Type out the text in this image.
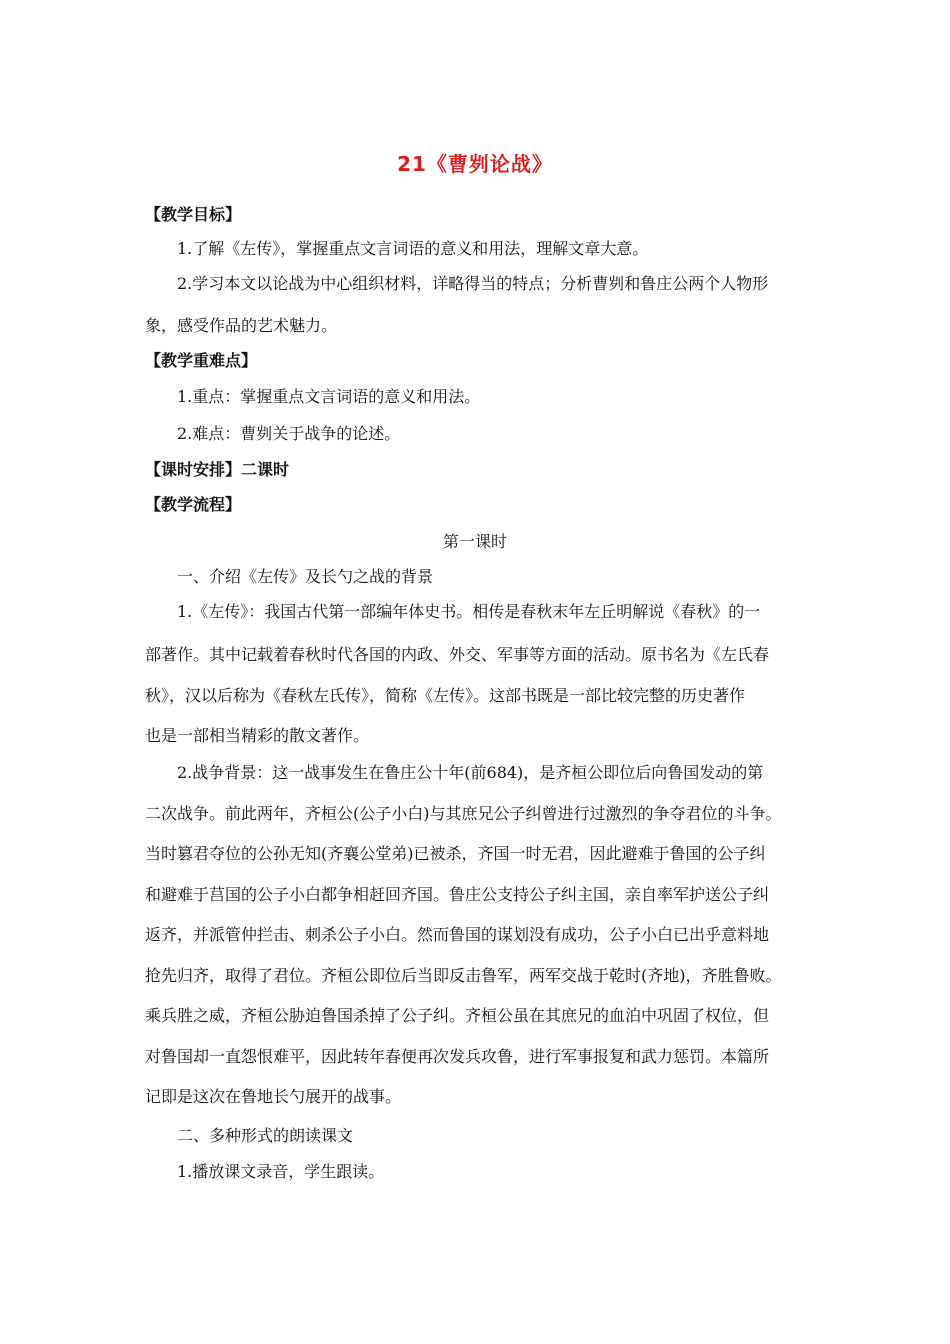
21《曹刿论战》
【教学目标】
1.了解《左传》，掌握重点文言词语的意义和用法，理解文章大意。
2.学习本文以论战为中心组织材料，详略得当的特点；分析曹刿和鲁庄公两个人物形
象，感受作品的艺术魅力。
【教学重难点】
1.重点：掌握重点文言词语的意义和用法。
2.难点：曹刿关于战争的论述。
【课时安排】二课时
【教学流程】
第一课时
一、介绍《左传》及长勺之战的背景
1.《左传》：我国古代第一部编年体史书。相传是春秋末年左丘明解说《春秋》的一
部著作。其中记载着春秋时代各国的内政、外交、军事等方面的活动。原书名为《左氏春
秋》，汉以后称为《春秋左氏传》，简称《左传》。这部书既是一部比较完整的历史著作
也是一部相当精彩的散文著作。
2.战争背景：这一战事发生在鲁庄公十年(前684)，是齐桓公即位后向鲁国发动的第
二次战争。前此两年，齐桓公(公子小白)与其庶兄公子纠曾进行过激烈的争夺君位的斗争。
当时篡君夺位的公孙无知(齐襄公堂弟)已被杀，齐国一时无君，因此避难于鲁国的公子纠
和避难于莒国的公子小白都争相赶回齐国。鲁庄公支持公子纠主国，亲自率军护送公子纠
返齐，并派管仲拦击、刺杀公子小白。然而鲁国的谋划没有成功，公子小白已出乎意料地
抢先归齐，取得了君位。齐桓公即位后当即反击鲁军，两军交战于乾时(齐地)，齐胜鲁败。
乘兵胜之威，齐桓公胁迫鲁国杀掉了公子纠。齐桓公虽在其庶兄的血泊中巩固了权位，但
对鲁国却一直怨恨难平，因此转年春便再次发兵攻鲁，进行军事报复和武力惩罚。本篇所
记即是这次在鲁地长勺展开的战事。
二、多种形式的朗读课文
1.播放课文录音，学生跟读。
